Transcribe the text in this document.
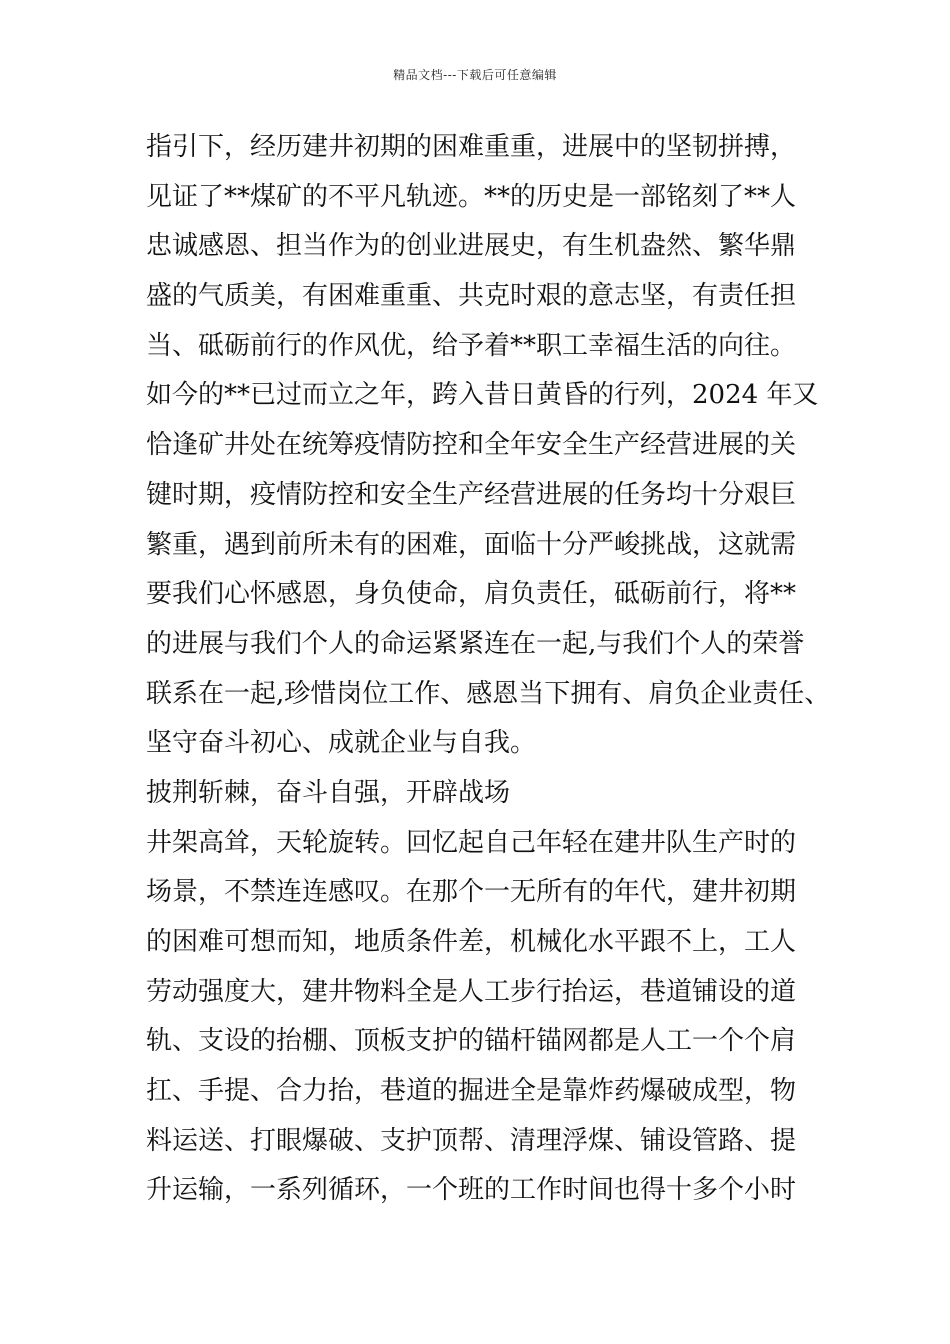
精品文档---下载后可任意编辑
指引下，经历建井初期的困难重重，进展中的坚韧拼搏，
见证了**煤矿的不平凡轨迹。**的历史是一部铭刻了**人
忠诚感恩、担当作为的创业进展史，有生机盎然、繁华鼎
盛的气质美，有困难重重、共克时艰的意志坚，有责任担
当、砥砺前行的作风优，给予着**职工幸福生活的向往。
如今的**已过而立之年，跨入昔日黄昏的行列，2024 年又
恰逢矿井处在统筹疫情防控和全年安全生产经营进展的关
键时期，疫情防控和安全生产经营进展的任务均十分艰巨
繁重，遇到前所未有的困难，面临十分严峻挑战，这就需
要我们心怀感恩，身负使命，肩负责任，砥砺前行，将**
的进展与我们个人的命运紧紧连在一起,与我们个人的荣誉
联系在一起,珍惜岗位工作、感恩当下拥有、肩负企业责任、
坚守奋斗初心、成就企业与自我。
披荆斩棘，奋斗自强，开辟战场
井架高耸，天轮旋转。回忆起自己年轻在建井队生产时的
场景，不禁连连感叹。在那个一无所有的年代，建井初期
的困难可想而知，地质条件差，机械化水平跟不上，工人
劳动强度大，建井物料全是人工步行抬运，巷道铺设的道
轨、支设的抬棚、顶板支护的锚杆锚网都是人工一个个肩
扛、手提、合力抬，巷道的掘进全是靠炸药爆破成型，物
料运送、打眼爆破、支护顶帮、清理浮煤、铺设管路、提
升运输，一系列循环，一个班的工作时间也得十多个小时
